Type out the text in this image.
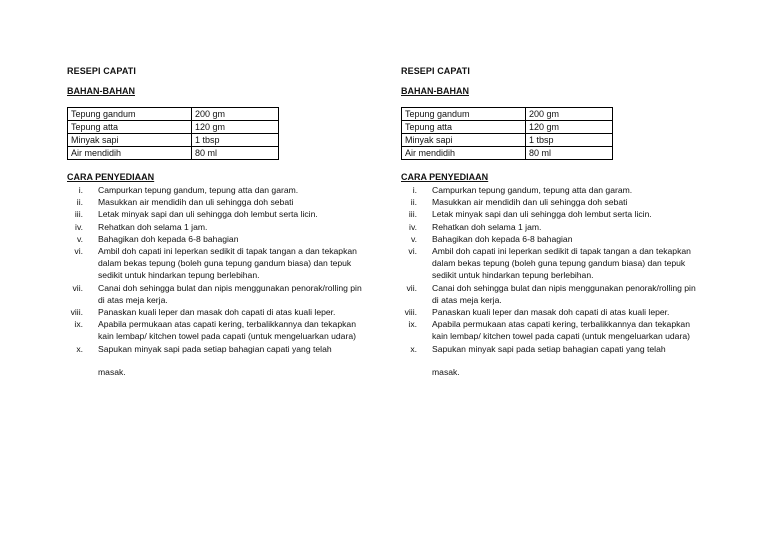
RESEPI CAPATI
BAHAN-BAHAN
Tepung gandum	200 gm
Tepung atta	120 gm
Minyak sapi	1 tbsp
Air mendidih	80 ml
CARA PENYEDIAAN
i. Campurkan tepung gandum, tepung atta dan garam.
ii. Masukkan air mendidih dan uli sehingga doh sebati
iii. Letak minyak sapi dan uli sehingga doh lembut serta licin.
iv. Rehatkan doh selama 1 jam.
v. Bahagikan doh kepada 6-8 bahagian
vi. Ambil doh capati ini leperkan sedikit di tapak tangan a dan tekapkan dalam bekas tepung (boleh guna tepung gandum biasa) dan tepuk sedikit untuk hindarkan tepung berlebihan.
vii. Canai doh sehingga bulat dan nipis menggunakan penorak/rolling pin di atas meja kerja.
viii. Panaskan kuali leper dan masak doh capati di atas kuali leper.
ix. Apabila permukaan atas capati kering, terbalikkannya dan tekapkan kain lembap/ kitchen towel pada capati (untuk mengeluarkan udara)
x. Sapukan minyak sapi pada setiap bahagian capati yang telah
masak.
RESEPI CAPATI
BAHAN-BAHAN
Tepung gandum	200 gm
Tepung atta	120 gm
Minyak sapi	1 tbsp
Air mendidih	80 ml
CARA PENYEDIAAN
i. Campurkan tepung gandum, tepung atta dan garam.
ii. Masukkan air mendidih dan uli sehingga doh sebati
iii. Letak minyak sapi dan uli sehingga doh lembut serta licin.
iv. Rehatkan doh selama 1 jam.
v. Bahagikan doh kepada 6-8 bahagian
vi. Ambil doh capati ini leperkan sedikit di tapak tangan a dan tekapkan dalam bekas tepung (boleh guna tepung gandum biasa) dan tepuk sedikit untuk hindarkan tepung berlebihan.
vii. Canai doh sehingga bulat dan nipis menggunakan penorak/rolling pin di atas meja kerja.
viii. Panaskan kuali leper dan masak doh capati di atas kuali leper.
ix. Apabila permukaan atas capati kering, terbalikkannya dan tekapkan kain lembap/ kitchen towel pada capati (untuk mengeluarkan udara)
x. Sapukan minyak sapi pada setiap bahagian capati yang telah
masak.
